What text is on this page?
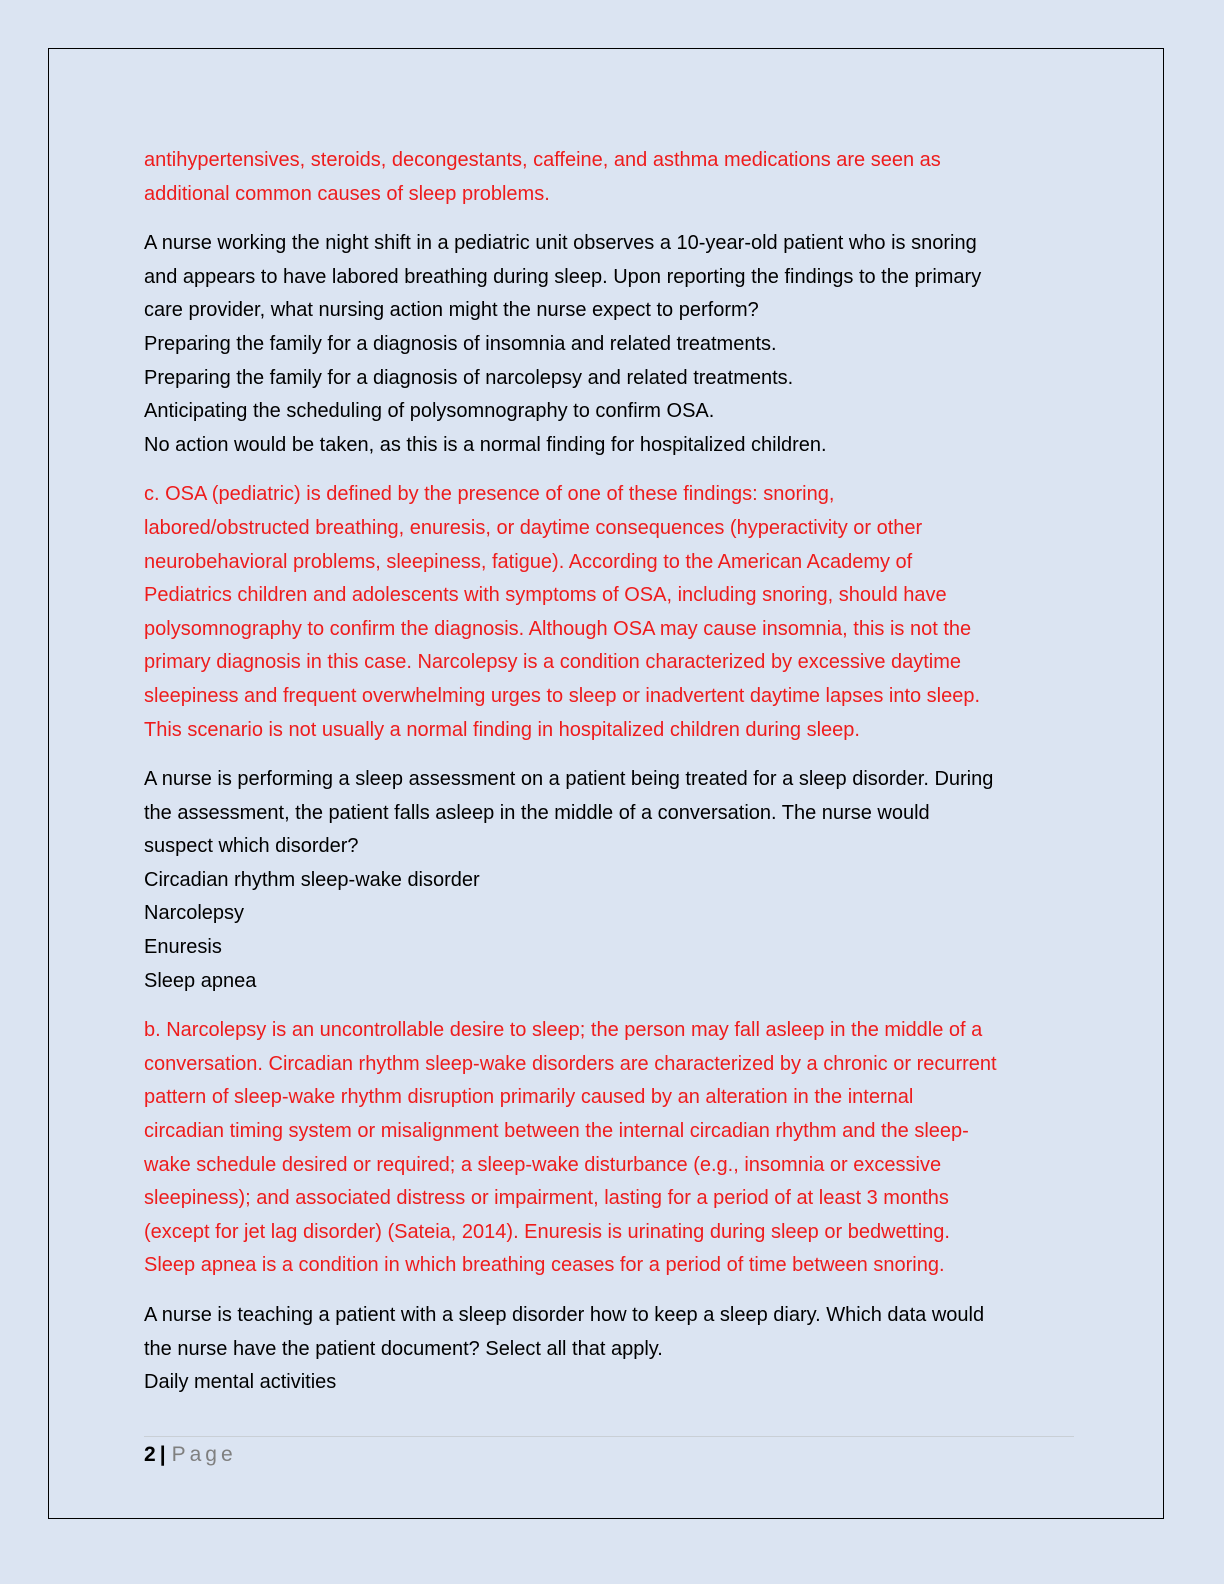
antihypertensives, steroids, decongestants, caffeine, and asthma medications are seen as
additional common causes of sleep problems.
A nurse working the night shift in a pediatric unit observes a 10-year-old patient who is snoring
and appears to have labored breathing during sleep. Upon reporting the findings to the primary
care provider, what nursing action might the nurse expect to perform?
Preparing the family for a diagnosis of insomnia and related treatments.
Preparing the family for a diagnosis of narcolepsy and related treatments.
Anticipating the scheduling of polysomnography to confirm OSA.
No action would be taken, as this is a normal finding for hospitalized children.
c. OSA (pediatric) is defined by the presence of one of these findings: snoring,
labored/obstructed breathing, enuresis, or daytime consequences (hyperactivity or other
neurobehavioral problems, sleepiness, fatigue). According to the American Academy of
Pediatrics children and adolescents with symptoms of OSA, including snoring, should have
polysomnography to confirm the diagnosis. Although OSA may cause insomnia, this is not the
primary diagnosis in this case. Narcolepsy is a condition characterized by excessive daytime
sleepiness and frequent overwhelming urges to sleep or inadvertent daytime lapses into sleep.
This scenario is not usually a normal finding in hospitalized children during sleep.
A nurse is performing a sleep assessment on a patient being treated for a sleep disorder. During
the assessment, the patient falls asleep in the middle of a conversation. The nurse would
suspect which disorder?
Circadian rhythm sleep-wake disorder
Narcolepsy
Enuresis
Sleep apnea
b. Narcolepsy is an uncontrollable desire to sleep; the person may fall asleep in the middle of a
conversation. Circadian rhythm sleep-wake disorders are characterized by a chronic or recurrent
pattern of sleep-wake rhythm disruption primarily caused by an alteration in the internal
circadian timing system or misalignment between the internal circadian rhythm and the sleep-
wake schedule desired or required; a sleep-wake disturbance (e.g., insomnia or excessive
sleepiness); and associated distress or impairment, lasting for a period of at least 3 months
(except for jet lag disorder) (Sateia, 2014). Enuresis is urinating during sleep or bedwetting.
Sleep apnea is a condition in which breathing ceases for a period of time between snoring.
A nurse is teaching a patient with a sleep disorder how to keep a sleep diary. Which data would
the nurse have the patient document? Select all that apply.
Daily mental activities
2 | Page
